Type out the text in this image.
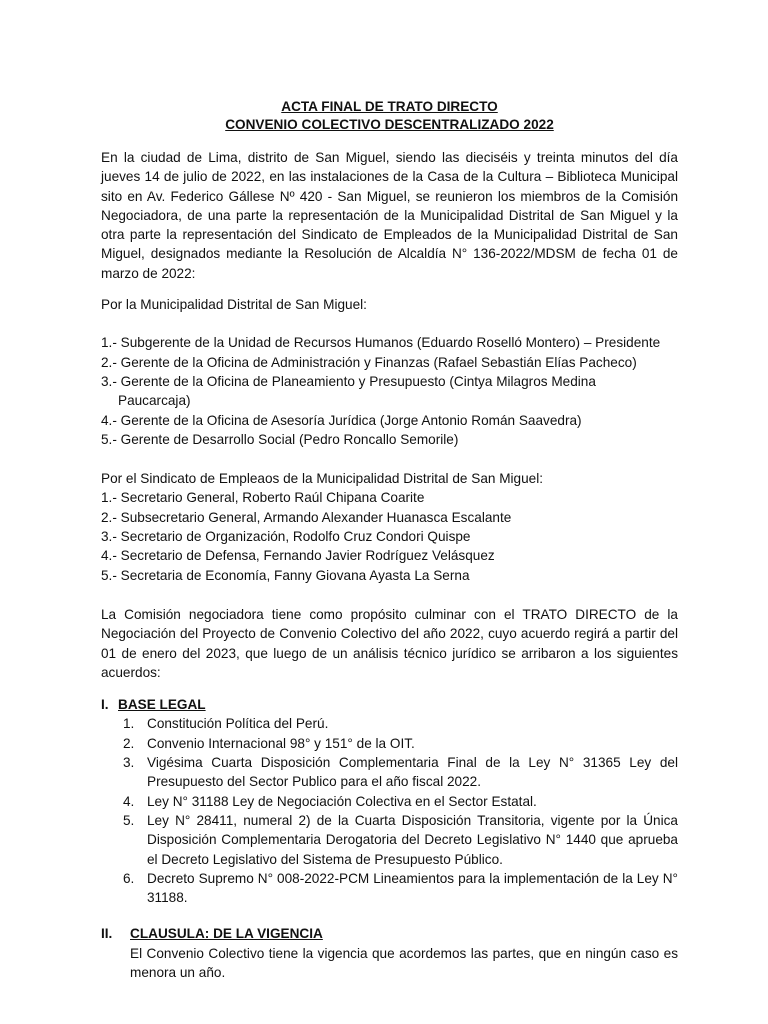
ACTA FINAL DE TRATO DIRECTO

CONVENIO COLECTIVO DESCENTRALIZADO 2022

En la ciudad de Lima, distrito de San Miguel, siendo las dieciséis y treinta minutos del día jueves 14 de julio de 2022, en las instalaciones de la Casa de la Cultura – Biblioteca Municipal sito en Av. Federico Gállese Nº 420 - San Miguel, se reunieron los miembros de la Comisión Negociadora, de una parte la representación de la Municipalidad Distrital de San Miguel y la otra parte la representación del Sindicato de Empleados de la Municipalidad Distrital de San Miguel, designados mediante la Resolución de Alcaldía N° 136-2022/MDSM de fecha 01 de marzo de 2022:

Por la Municipalidad Distrital de San Miguel:

1.- Subgerente de la Unidad de Recursos Humanos (Eduardo Roselló Montero) – Presidente
2.- Gerente de la Oficina de Administración y Finanzas (Rafael Sebastián Elías Pacheco)
3.- Gerente de la Oficina de Planeamiento y Presupuesto (Cintya Milagros Medina
Paucarcaja)
4.- Gerente de la Oficina de Asesoría Jurídica (Jorge Antonio Román Saavedra)
5.- Gerente de Desarrollo Social (Pedro Roncallo Semorile)

Por el Sindicato de Empleaos de la Municipalidad Distrital de San Miguel:

1.- Secretario General, Roberto Raúl Chipana Coarite
2.- Subsecretario General, Armando Alexander Huanasca Escalante
3.- Secretario de Organización, Rodolfo Cruz Condori Quispe
4.- Secretario de Defensa, Fernando Javier Rodríguez Velásquez
5.- Secretaria de Economía, Fanny Giovana Ayasta La Serna

La Comisión negociadora tiene como propósito culminar con el TRATO DIRECTO de la Negociación del Proyecto de Convenio Colectivo del año 2022, cuyo acuerdo regirá a partir del 01 de enero del 2023, que luego de un análisis técnico jurídico se arribaron a los siguientes acuerdos:

I. BASE LEGAL
1. Constitución Política del Perú.
2. Convenio Internacional 98° y 151° de la OIT.
3. Vigésima Cuarta Disposición Complementaria Final de la Ley N° 31365 Ley del Presupuesto del Sector Publico para el año fiscal 2022.
4. Ley N° 31188 Ley de Negociación Colectiva en el Sector Estatal.
5. Ley N° 28411, numeral 2) de la Cuarta Disposición Transitoria, vigente por la Única Disposición Complementaria Derogatoria del Decreto Legislativo N° 1440 que aprueba el Decreto Legislativo del Sistema de Presupuesto Público.
6. Decreto Supremo N° 008-2022-PCM Lineamientos para la implementación de la Ley N° 31188.
II.	CLAUSULA: DE LA VIGENCIA

El Convenio Colectivo tiene la vigencia que acordemos las partes, que en ningún caso es menora un año.
